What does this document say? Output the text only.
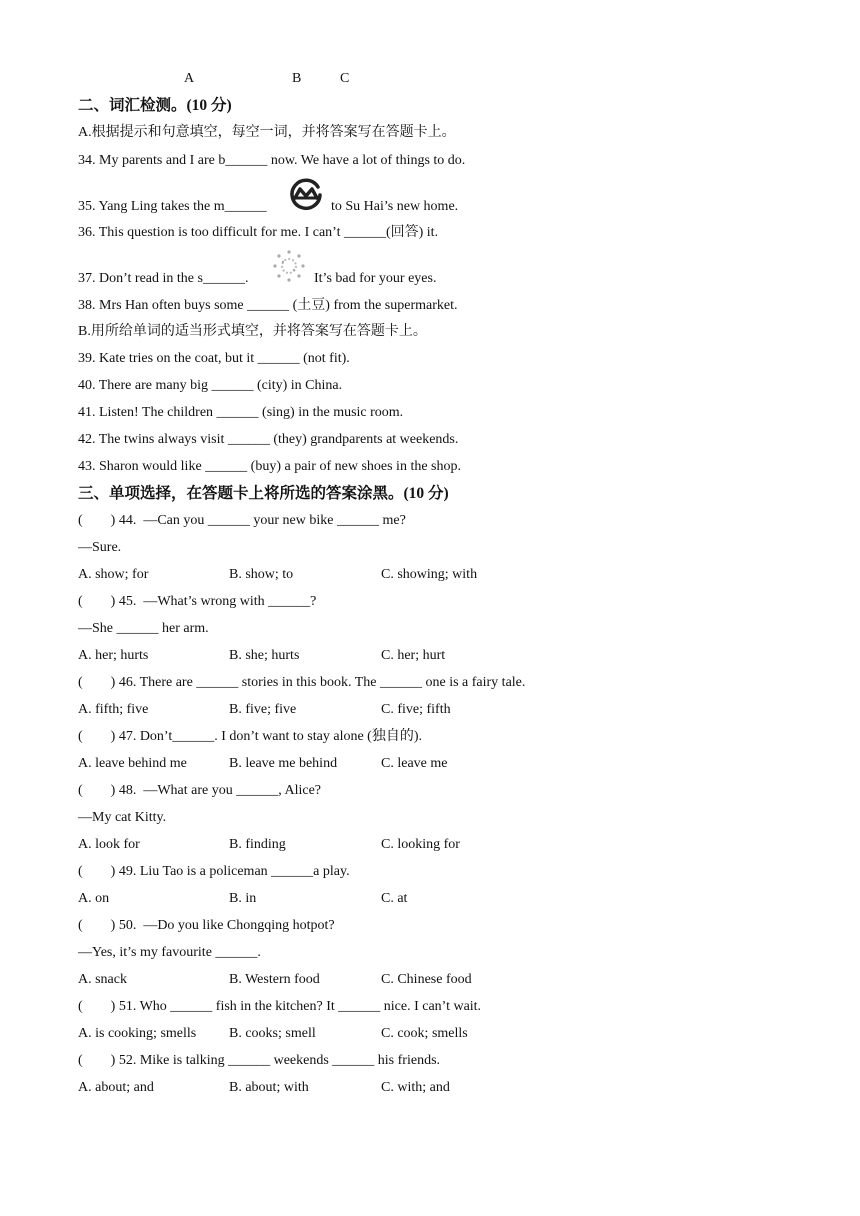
A	B	C
二、词汇检测。(10 分)
A.根据提示和句意填空，每空一词，并将答案写在答题卡上。
34. My parents and I are b______ now. We have a lot of things to do.
35. Yang Ling takes the m______	to Su Hai’s new home.
36. This question is too difficult for me. I can’t ______(回答) it.
37. Don’t read in the s______.	It’s bad for your eyes.
38. Mrs Han often buys some ______ (土豆) from the supermarket.
B.用所给单词的适当形式填空，并将答案写在答题卡上。
39. Kate tries on the coat, but it ______ (not fit).
40. There are many big ______ (city) in China.
41. Listen! The children ______ (sing) in the music room.
42. The twins always visit ______ (they) grandparents at weekends.
43. Sharon would like ______ (buy) a pair of new shoes in the shop.
三、单项选择，在答题卡上将所选的答案涂黑。(10 分)
(        ) 44.  —Can you ______ your new bike ______ me?
—Sure.
A. show; for	B. show; to	C. showing; with
(        ) 45.  —What’s wrong with ______?
—She ______ her arm.
A. her; hurts	B. she; hurts	C. her; hurt
(        ) 46. There are ______ stories in this book. The ______ one is a fairy tale.
A. fifth; five	B. five; five	C. five; fifth
(        ) 47. Don’t______. I don’t want to stay alone (独自的).
A. leave behind me	B. leave me behind	C. leave me
(        ) 48.  —What are you ______, Alice?
—My cat Kitty.
A. look for	B. finding	C. looking for
(        ) 49. Liu Tao is a policeman ______a play.
A. on	B. in	C. at
(        ) 50.  —Do you like Chongqing hotpot?
—Yes, it’s my favourite ______.
A. snack	B. Western food	C. Chinese food
(        ) 51. Who ______ fish in the kitchen? It ______ nice. I can’t wait.
A. is cooking; smells B. cooks; smell	C. cook; smells
(        ) 52. Mike is talking ______ weekends ______ his friends.
A. about; and	B. about; with	C. with; and
